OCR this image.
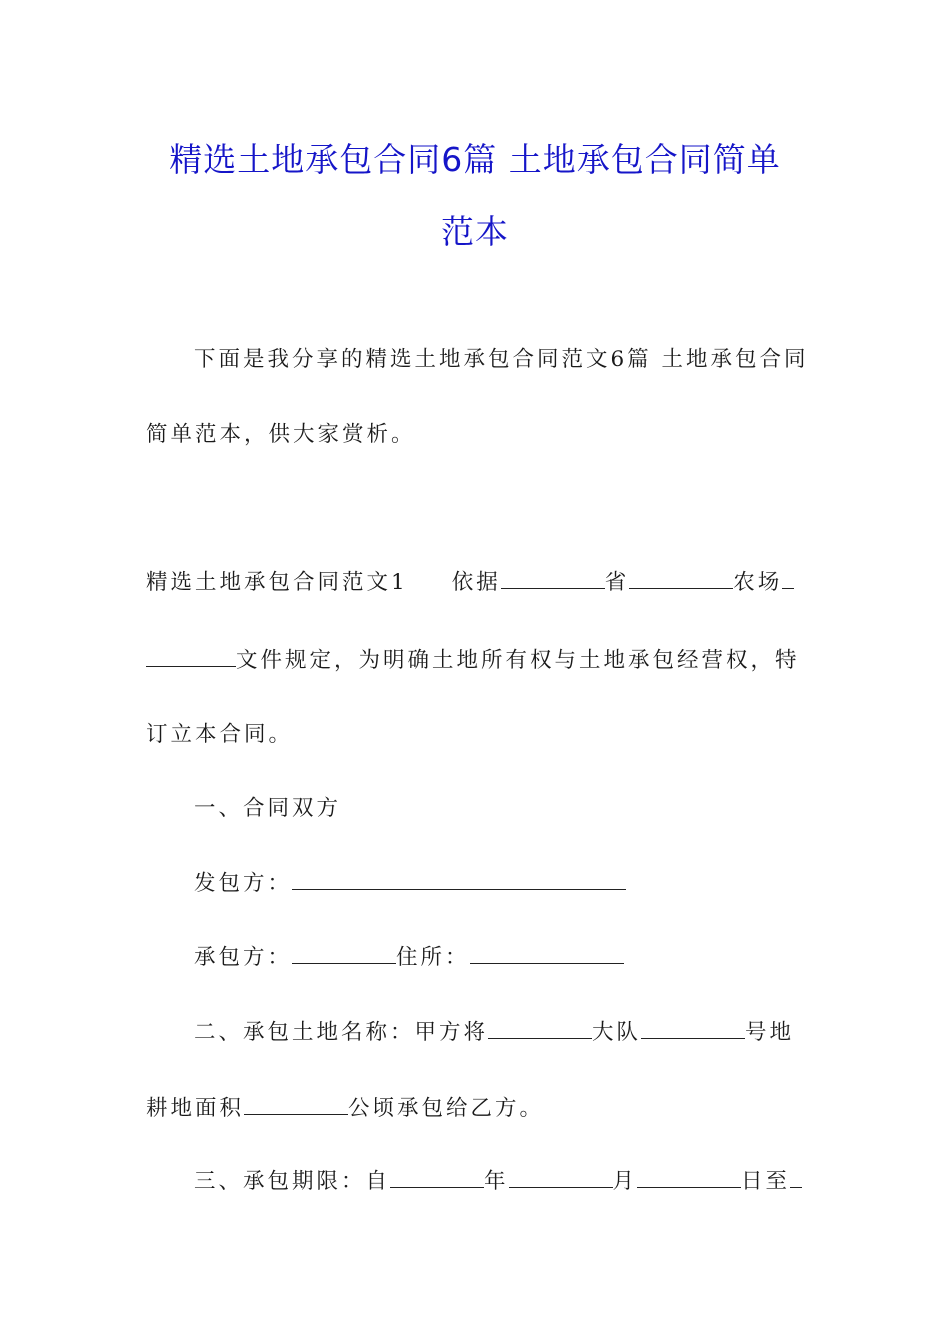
精选土地承包合同6篇 土地承包合同简单
范本

下面是我分享的精选土地承包合同范文6篇 土地承包合同

简单范本，供大家赏析。

精选土地承包合同范文1 依据	省	农场

文件规定，为明确土地所有权与土地承包经营权，特

订立本合同。

一、合同双方

发包方：

承包方：	住所：

二、承包土地名称：甲方将	大队	号地

耕地面积	公顷承包给乙方。

三、承包期限：自	年	月	日至
